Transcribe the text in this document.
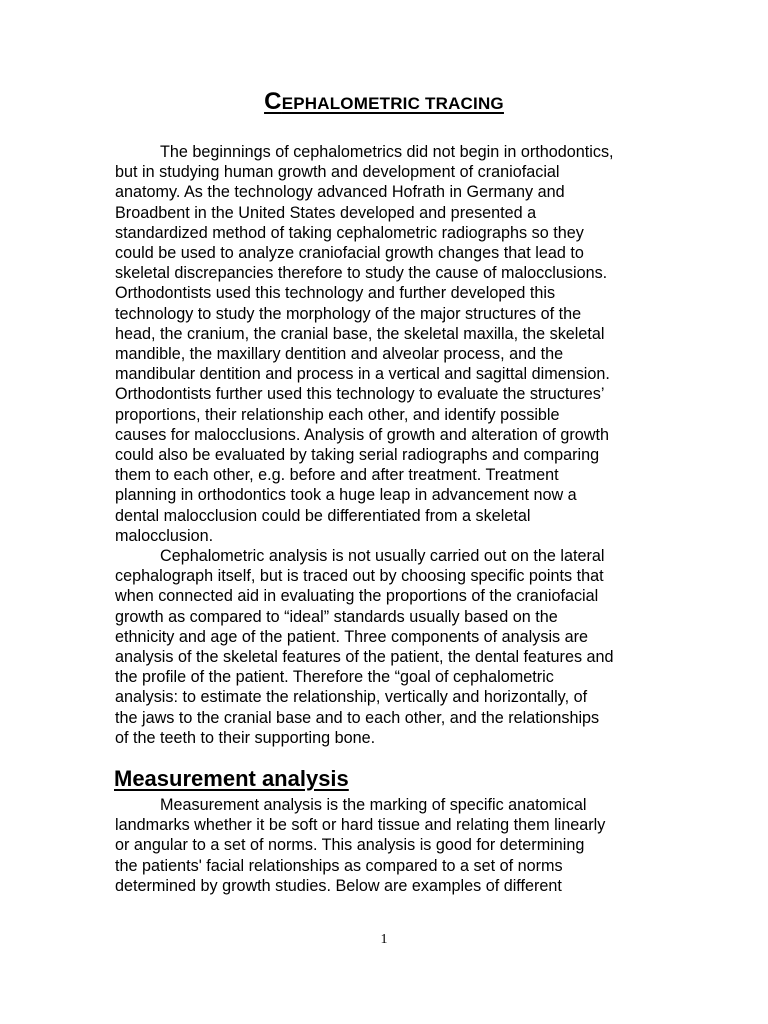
CEPHALOMETRIC TRACING
The beginnings of cephalometrics did not begin in orthodontics,
but in studying human growth and development of craniofacial
anatomy. As the technology advanced Hofrath in Germany and
Broadbent in the United States developed and presented a
standardized method of taking cephalometric radiographs so they
could be used to analyze craniofacial growth changes that lead to
skeletal discrepancies therefore to study the cause of malocclusions.
Orthodontists used this technology and further developed this
technology to study the morphology of the major structures of the
head, the cranium, the cranial base, the skeletal maxilla, the skeletal
mandible, the maxillary dentition and alveolar process, and the
mandibular dentition and process in a vertical and sagittal dimension.
Orthodontists further used this technology to evaluate the structures’
proportions, their relationship each other, and identify possible
causes for malocclusions. Analysis of growth and alteration of growth
could also be evaluated by taking serial radiographs and comparing
them to each other, e.g. before and after treatment. Treatment
planning in orthodontics took a huge leap in advancement now a
dental malocclusion could be differentiated from a skeletal
malocclusion.
Cephalometric analysis is not usually carried out on the lateral
cephalograph itself, but is traced out by choosing specific points that
when connected aid in evaluating the proportions of the craniofacial
growth as compared to “ideal” standards usually based on the
ethnicity and age of the patient. Three components of analysis are
analysis of the skeletal features of the patient, the dental features and
the profile of the patient. Therefore the “goal of cephalometric
analysis: to estimate the relationship, vertically and horizontally, of
the jaws to the cranial base and to each other, and the relationships
of the teeth to their supporting bone.
Measurement analysis
Measurement analysis is the marking of specific anatomical
landmarks whether it be soft or hard tissue and relating them linearly
or angular to a set of norms. This analysis is good for determining
the patients' facial relationships as compared to a set of norms
determined by growth studies. Below are examples of different
1
